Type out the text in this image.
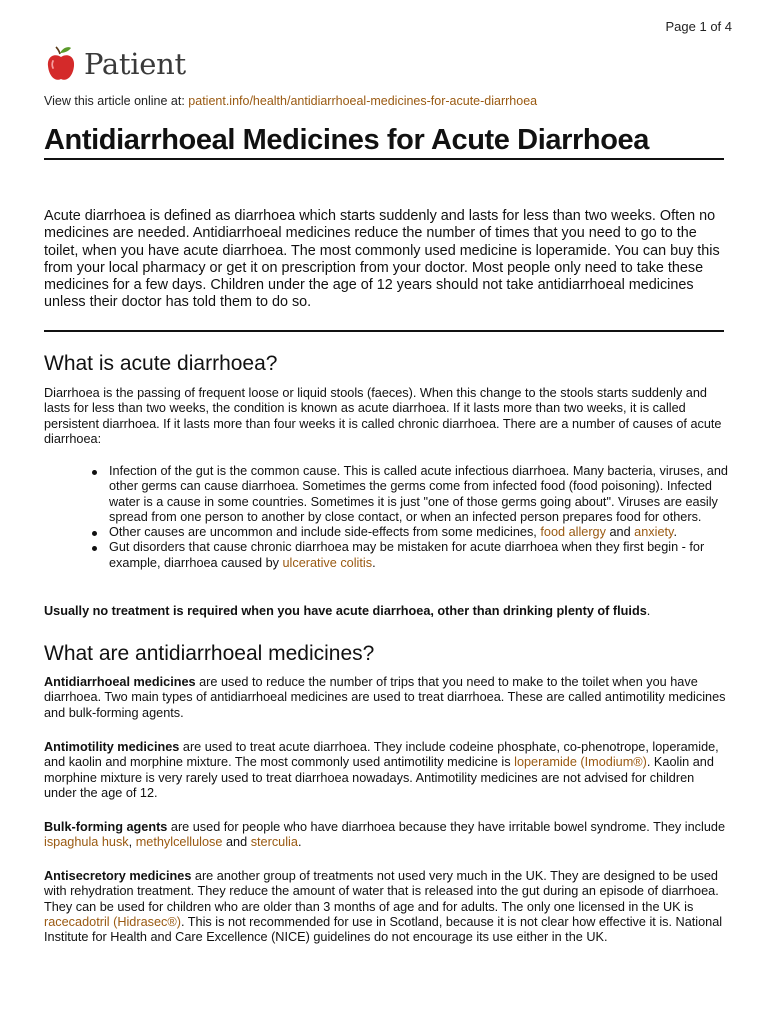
Page 1 of 4
Patient
View this article online at: patient.info/health/antidiarrhoeal-medicines-for-acute-diarrhoea
Antidiarrhoeal Medicines for Acute Diarrhoea

Acute diarrhoea is defined as diarrhoea which starts suddenly and lasts for less than two weeks. Often no medicines are needed. Antidiarrhoeal medicines reduce the number of times that you need to go to the toilet, when you have acute diarrhoea. The most commonly used medicine is loperamide. You can buy this from your local pharmacy or get it on prescription from your doctor. Most people only need to take these medicines for a few days. Children under the age of 12 years should not take antidiarrhoeal medicines unless their doctor has told them to do so.

What is acute diarrhoea?

Diarrhoea is the passing of frequent loose or liquid stools (faeces). When this change to the stools starts suddenly and lasts for less than two weeks, the condition is known as acute diarrhoea. If it lasts more than two weeks, it is called persistent diarrhoea. If it lasts more than four weeks it is called chronic diarrhoea. There are a number of causes of acute diarrhoea:

Infection of the gut is the common cause. This is called acute infectious diarrhoea. Many bacteria, viruses, and other germs can cause diarrhoea. Sometimes the germs come from infected food (food poisoning). Infected water is a cause in some countries. Sometimes it is just "one of those germs going about". Viruses are easily spread from one person to another by close contact, or when an infected person prepares food for others.
Other causes are uncommon and include side-effects from some medicines, food allergy and anxiety.
Gut disorders that cause chronic diarrhoea may be mistaken for acute diarrhoea when they first begin - for example, diarrhoea caused by ulcerative colitis.

Usually no treatment is required when you have acute diarrhoea, other than drinking plenty of fluids.

What are antidiarrhoeal medicines?

Antidiarrhoeal medicines are used to reduce the number of trips that you need to make to the toilet when you have diarrhoea. Two main types of antidiarrhoeal medicines are used to treat diarrhoea. These are called antimotility medicines and bulk-forming agents.

Antimotility medicines are used to treat acute diarrhoea. They include codeine phosphate, co-phenotrope, loperamide, and kaolin and morphine mixture. The most commonly used antimotility medicine is loperamide (Imodium®). Kaolin and morphine mixture is very rarely used to treat diarrhoea nowadays. Antimotility medicines are not advised for children under the age of 12.

Bulk-forming agents are used for people who have diarrhoea because they have irritable bowel syndrome. They include ispaghula husk, methylcellulose and sterculia.

Antisecretory medicines are another group of treatments not used very much in the UK. They are designed to be used with rehydration treatment. They reduce the amount of water that is released into the gut during an episode of diarrhoea. They can be used for children who are older than 3 months of age and for adults. The only one licensed in the UK is racecadotril (Hidrasec®). This is not recommended for use in Scotland, because it is not clear how effective it is. National Institute for Health and Care Excellence (NICE) guidelines do not encourage its use either in the UK.
